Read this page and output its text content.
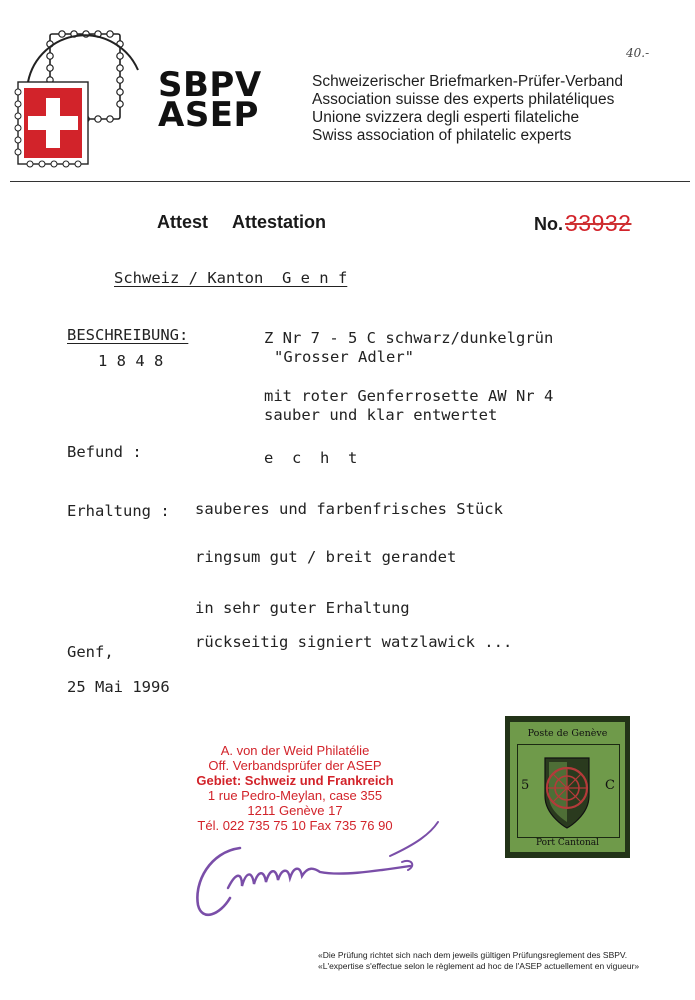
SBPV
ASEP
Schweizerischer Briefmarken-Prüfer-Verband
Association suisse des experts philatéliques
Unione svizzera degli esperti filateliche
Swiss association of philatelic experts
40.-
Attest Attestation	No. 33932
Schweiz / Kanton  G e n f
BESCHREIBUNG:
1 8 4 8
Z Nr 7 - 5 C schwarz/dunkelgrün
"Grosser Adler"
mit roter Genferrosette AW Nr 4
sauber und klar entwertet
Befund :	e  c  h  t
Erhaltung : sauberes und farbenfrisches Stück
ringsum gut / breit gerandet
in sehr guter Erhaltung
rückseitig signiert watzlawick ...
Genf,
25 Mai 1996
A. von der Weid Philatélie
Off. Verbandsprüfer der ASEP
Gebiet: Schweiz und Frankreich
1 rue Pedro-Meylan, case 355
1211 Genève 17
Tél. 022 735 75 10 Fax 735 76 90
Poste de Genève
5	C
Port Cantonal
«Die Prüfung richtet sich nach dem jeweils gültigen Prüfungsreglement des SBPV.
«L'expertise s'effectue selon le règlement ad hoc de l'ASEP actuellement en vigueur»
